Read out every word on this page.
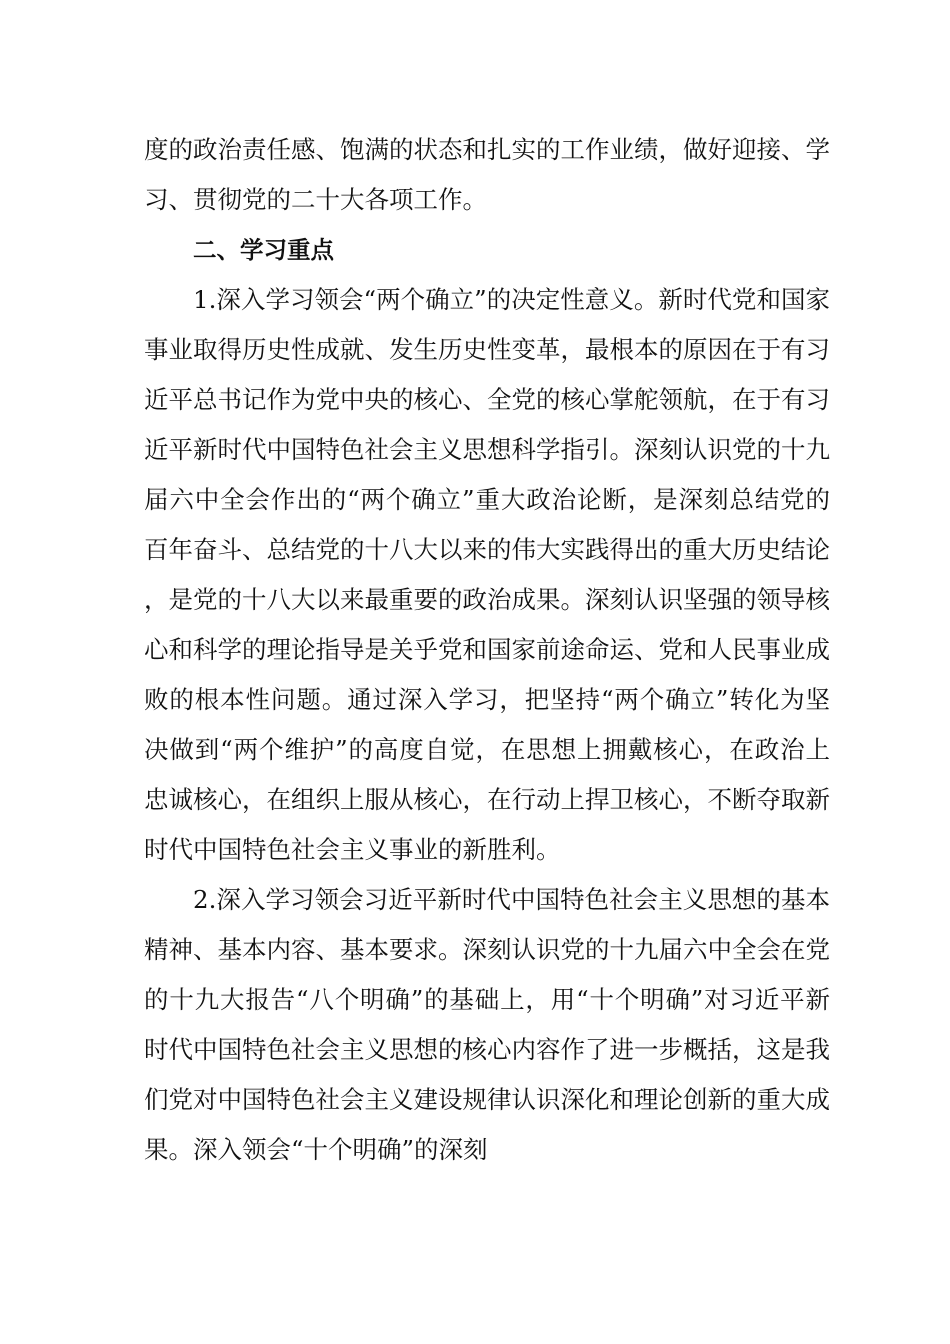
度的政治责任感、饱满的状态和扎实的工作业绩，做好迎接、学习、贯彻党的二十大各项工作。

二、学习重点

1.深入学习领会“两个确立”的决定性意义。新时代党和国家事业取得历史性成就、发生历史性变革，最根本的原因在于有习近平总书记作为党中央的核心、全党的核心掌舵领航，在于有习近平新时代中国特色社会主义思想科学指引。深刻认识党的十九届六中全会作出的“两个确立”重大政治论断，是深刻总结党的百年奋斗、总结党的十八大以来的伟大实践得出的重大历史结论，是党的十八大以来最重要的政治成果。深刻认识坚强的领导核心和科学的理论指导是关乎党和国家前途命运、党和人民事业成败的根本性问题。通过深入学习，把坚持“两个确立”转化为坚决做到“两个维护”的高度自觉，在思想上拥戴核心，在政治上忠诚核心，在组织上服从核心，在行动上捍卫核心，不断夺取新时代中国特色社会主义事业的新胜利。

2.深入学习领会习近平新时代中国特色社会主义思想的基本精神、基本内容、基本要求。深刻认识党的十九届六中全会在党的十九大报告“八个明确”的基础上，用“十个明确”对习近平新时代中国特色社会主义思想的核心内容作了进一步概括，这是我们党对中国特色社会主义建设规律认识深化和理论创新的重大成果。深入领会“十个明确”的深刻
